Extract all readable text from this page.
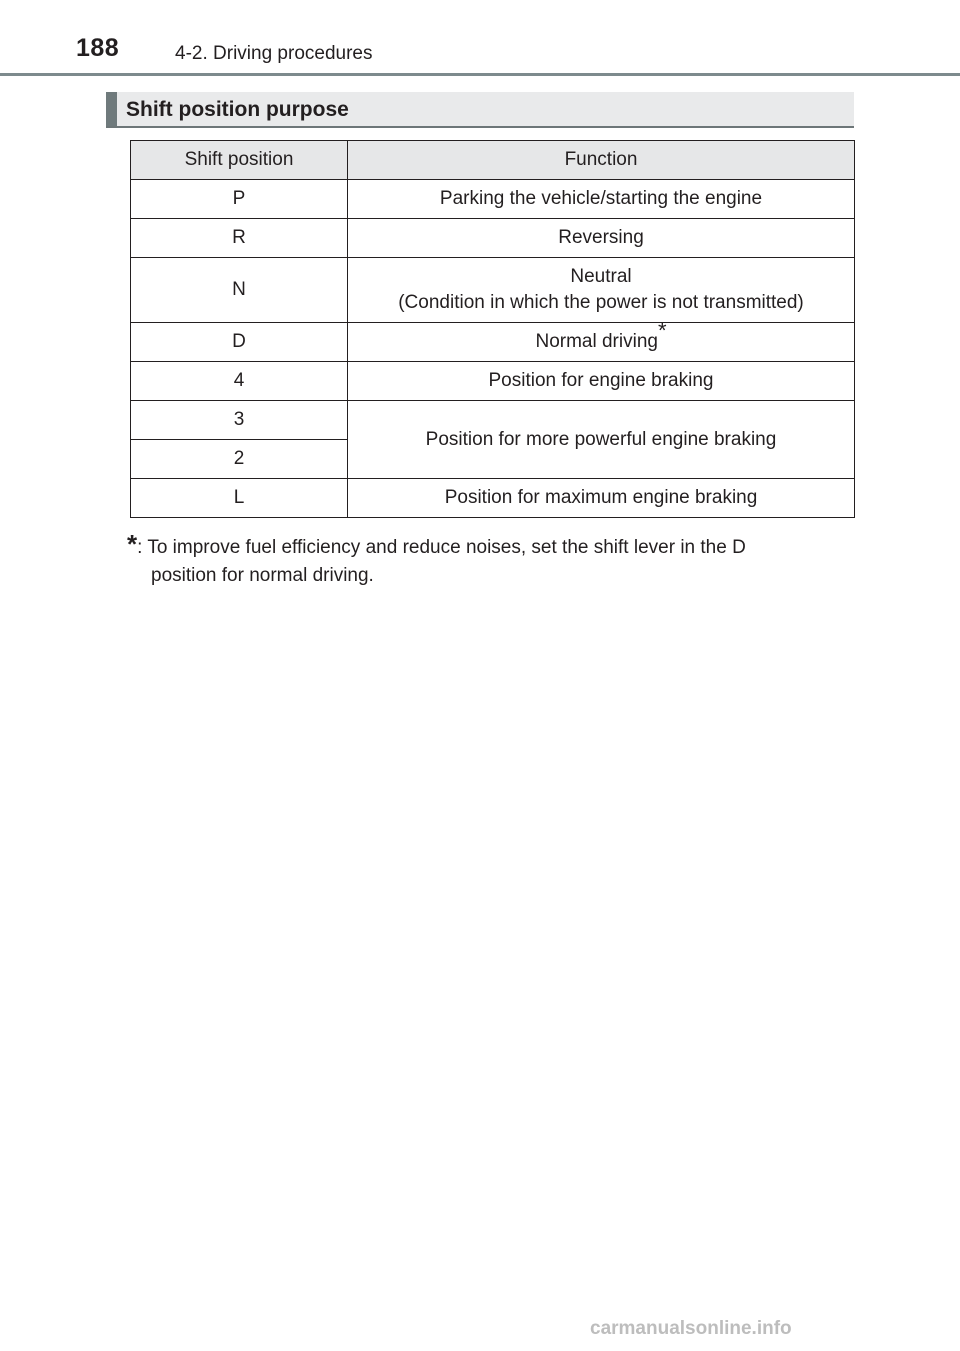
188	4-2. Driving procedures
Shift position purpose
Shift position	Function
P	Parking the vehicle/starting the engine
R	Reversing
N	Neutral
(Condition in which the power is not transmitted)
D	Normal driving*
4	Position for engine braking
3	Position for more powerful engine braking
2	
L	Position for maximum engine braking
*: To improve fuel efficiency and reduce noises, set the shift lever in the D
position for normal driving.
carmanualsonline.info
